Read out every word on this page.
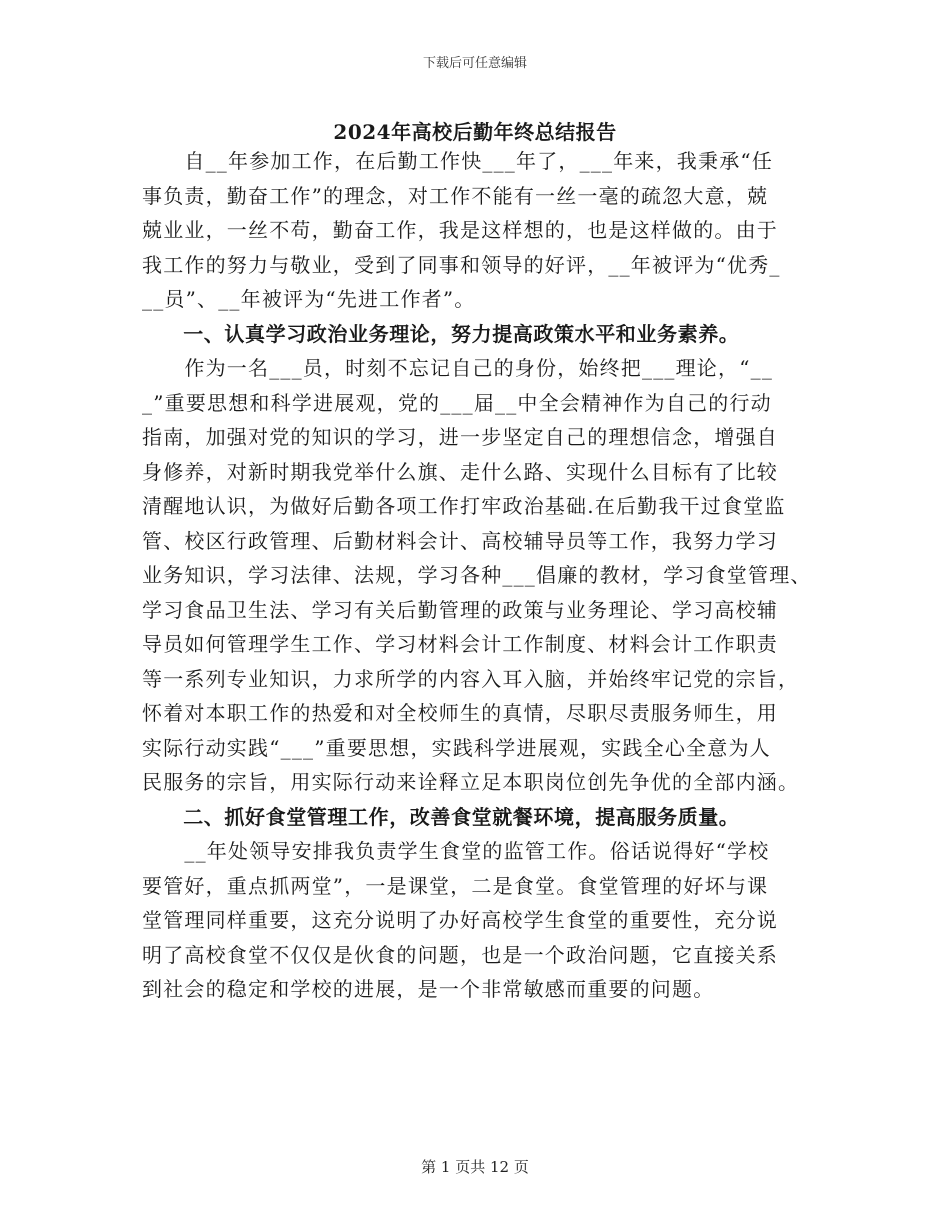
下载后可任意编辑
2024年高校后勤年终总结报告
　　自__年参加工作，在后勤工作快___年了，___年来，我秉承“任
事负责，勤奋工作”的理念，对工作不能有一丝一毫的疏忽大意，兢
兢业业，一丝不苟，勤奋工作，我是这样想的，也是这样做的。由于
我工作的努力与敬业，受到了同事和领导的好评，__年被评为“优秀_
__员”、__年被评为“先进工作者”。
　　一、认真学习政治业务理论，努力提高政策水平和业务素养。
　　作为一名___员，时刻不忘记自己的身份，始终把___理论，“__
_”重要思想和科学进展观，党的___届__中全会精神作为自己的行动
指南，加强对党的知识的学习，进一步坚定自己的理想信念，增强自
身修养，对新时期我党举什么旗、走什么路、实现什么目标有了比较
清醒地认识，为做好后勤各项工作打牢政治基础.在后勤我干过食堂监
管、校区行政管理、后勤材料会计、高校辅导员等工作，我努力学习
业务知识，学习法律、法规，学习各种___倡廉的教材，学习食堂管理、
学习食品卫生法、学习有关后勤管理的政策与业务理论、学习高校辅
导员如何管理学生工作、学习材料会计工作制度、材料会计工作职责
等一系列专业知识，力求所学的内容入耳入脑，并始终牢记党的宗旨，
怀着对本职工作的热爱和对全校师生的真情，尽职尽责服务师生，用
实际行动实践“___”重要思想，实践科学进展观，实践全心全意为人
民服务的宗旨，用实际行动来诠释立足本职岗位创先争优的全部内涵。
　　二、抓好食堂管理工作，改善食堂就餐环境，提高服务质量。
　　__年处领导安排我负责学生食堂的监管工作。俗话说得好“学校
要管好，重点抓两堂”，一是课堂，二是食堂。食堂管理的好坏与课
堂管理同样重要，这充分说明了办好高校学生食堂的重要性，充分说
明了高校食堂不仅仅是伙食的问题，也是一个政治问题，它直接关系
到社会的稳定和学校的进展，是一个非常敏感而重要的问题。
第 1 页共 12 页
